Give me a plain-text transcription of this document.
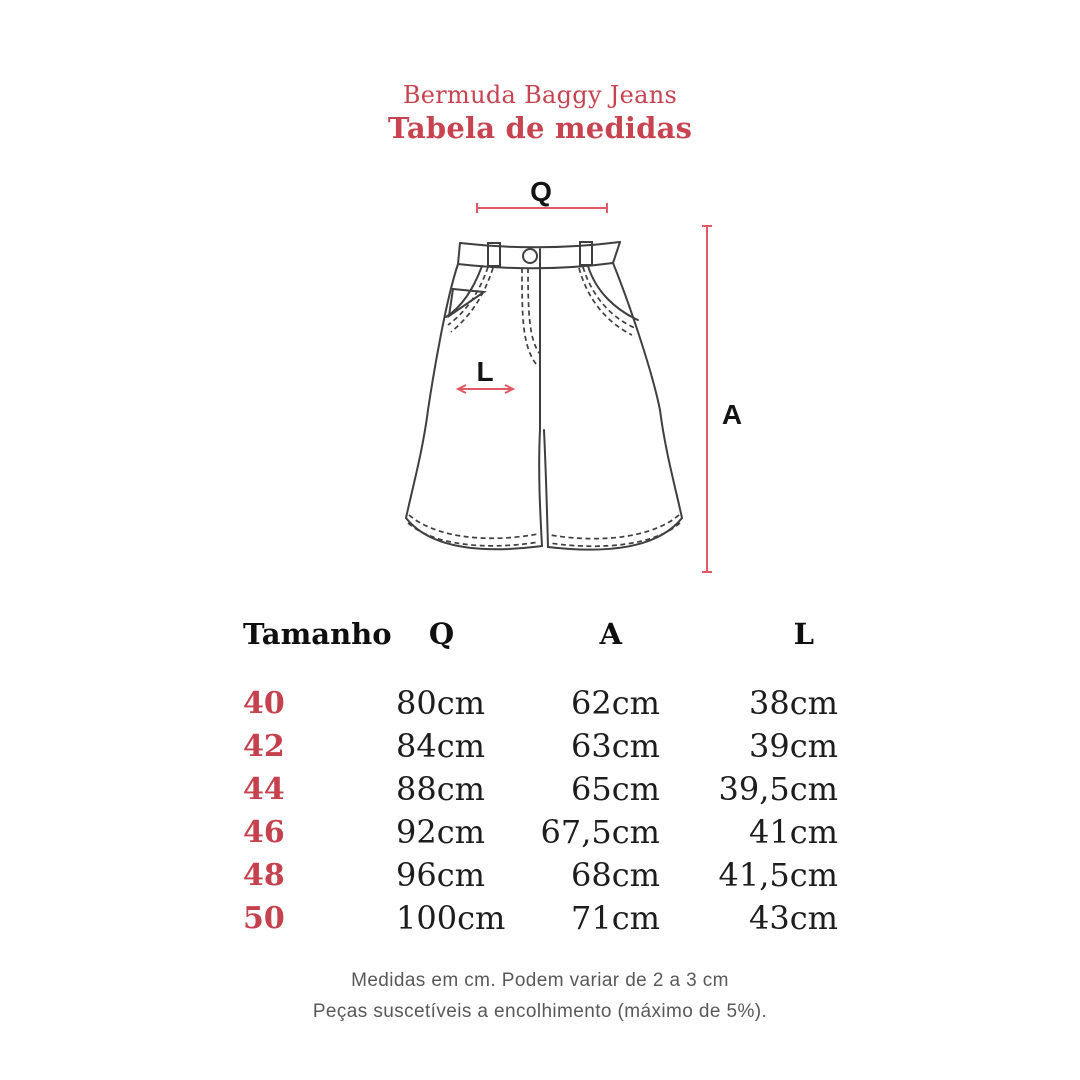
Bermuda Baggy Jeans
Tabela de medidas
Q
L
A
Tamanho	Q	A	L
40	80cm	62cm	38cm
42	84cm	63cm	39cm
44	88cm	65cm	39,5cm
46	92cm	67,5cm	41cm
48	96cm	68cm	41,5cm
50	100cm	71cm	43cm
Medidas em cm. Podem variar de 2 a 3 cm
Peças suscetíveis a encolhimento (máximo de 5%).
